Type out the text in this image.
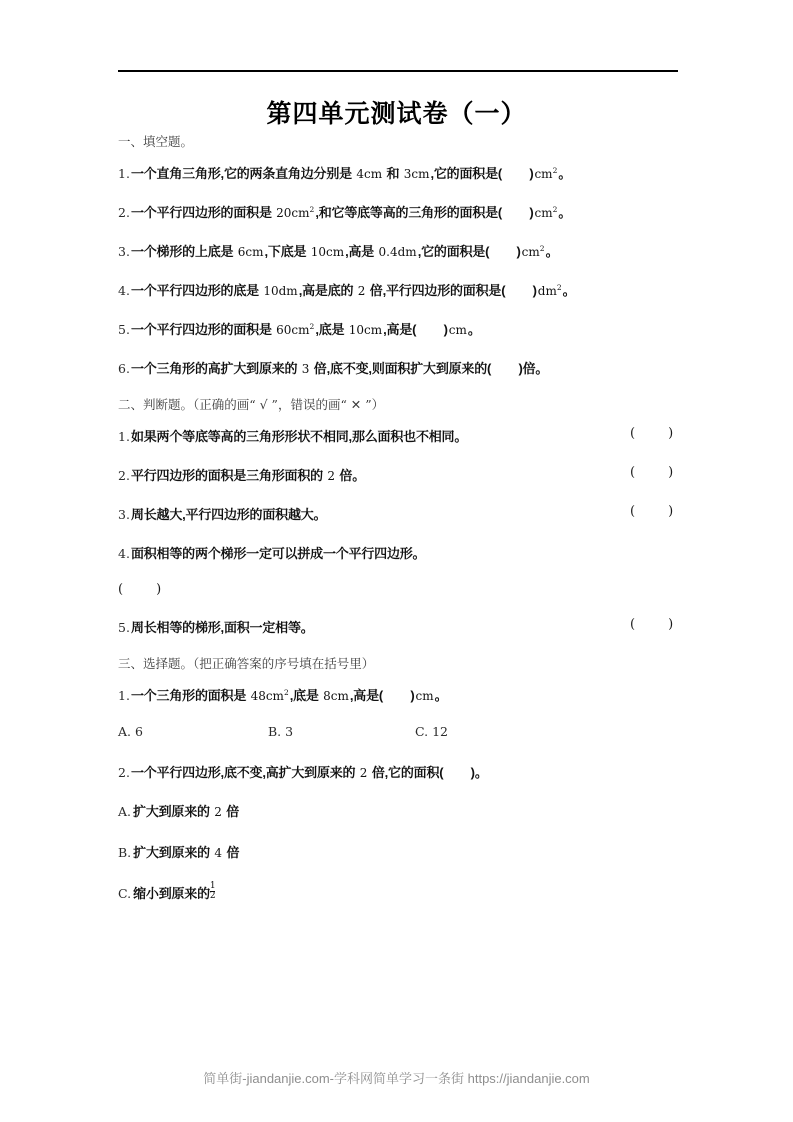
第四单元测试卷（一）
一、填空题。
1. 一个直角三角形,它的两条直角边分别是 4cm 和 3cm,它的面积是( )$cm^2$。
2. 一个平行四边形的面积是 $20cm^2$,和它等底等高的三角形的面积是( )$cm^2$。
3. 一个梯形的上底是 6cm,下底是 10cm,高是 0.4dm,它的面积是( )$cm^2$。
4. 一个平行四边形的底是 10dm,高是底的 2 倍,平行四边形的面积是( )$dm^2$。
5. 一个平行四边形的面积是 $60cm^2$,底是 10cm,高是( )cm。
6. 一个三角形的高扩大到原来的 3 倍,底不变,则面积扩大到原来的( )倍。
二、判断题。（正确的画“ √ ”，错误的画“ ✕ ”）
1. 如果两个等底等高的三角形形状不相同,那么面积也不相同。	(        )
2. 平行四边形的面积是三角形面积的 2 倍。	(        )
3. 周长越大,平行四边形的面积越大。	(        )
4. 面积相等的两个梯形一定可以拼成一个平行四边形。
(        )
5. 周长相等的梯形,面积一定相等。	(        )
三、选择题。（把正确答案的序号填在括号里）
1. 一个三角形的面积是 $48cm^2$,底是 8cm,高是( )cm。
A. 6	B. 3	C. 12
2. 一个平行四边形,底不变,高扩大到原来的 2 倍,它的面积( )。
A. 扩大到原来的 2 倍
B. 扩大到原来的 4 倍
C. 缩小到原来的$\frac{1}{2}$
简单街-jiandanjie.com-学科网简单学习一条街 https://jiandanjie.com
